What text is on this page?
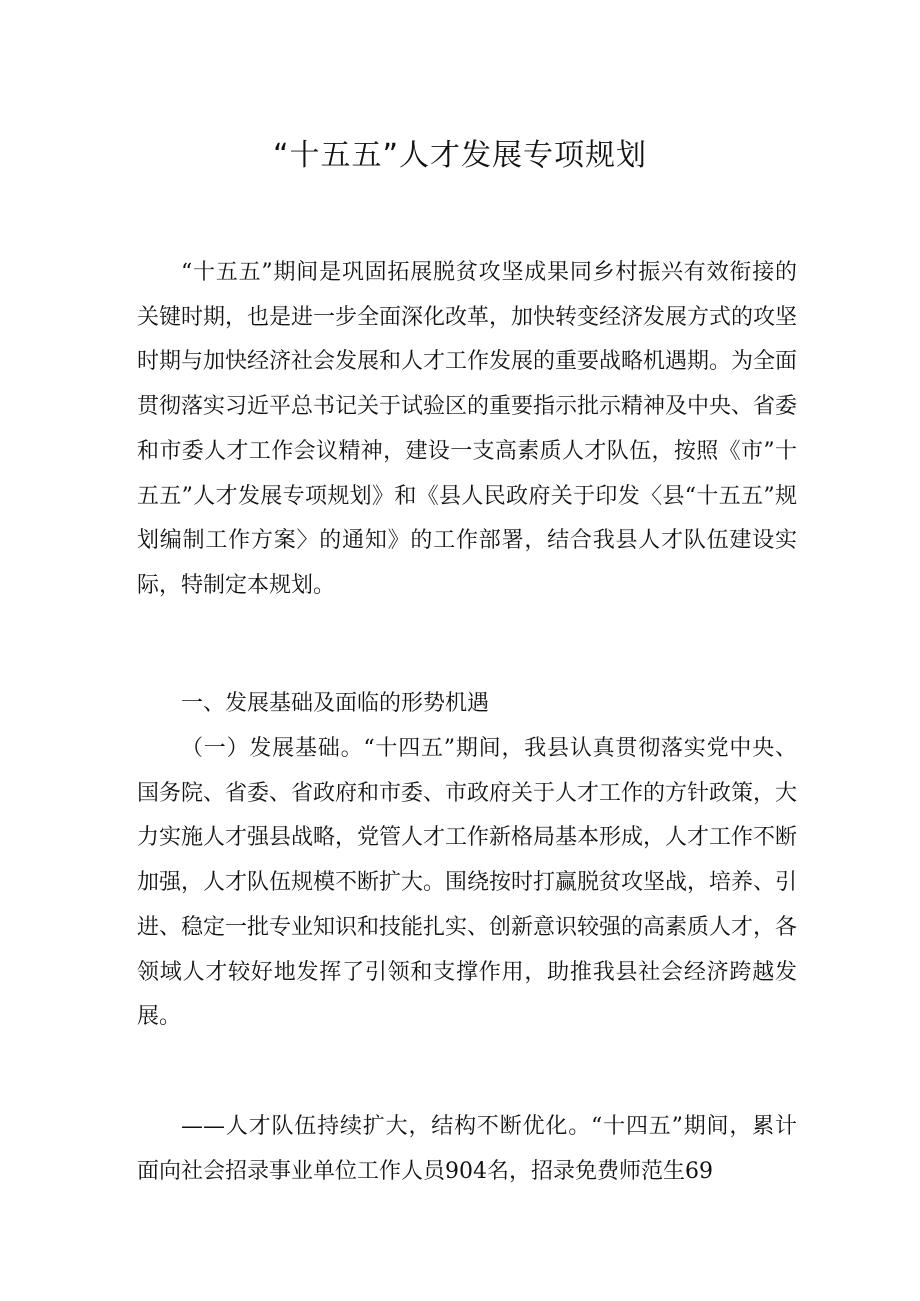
“十五五”人才发展专项规划

“十五五”期间是巩固拓展脱贫攻坚成果同乡村振兴有效衔接的关键时期，也是进一步全面深化改革，加快转变经济发展方式的攻坚时期与加快经济社会发展和人才工作发展的重要战略机遇期。为全面贯彻落实习近平总书记关于试验区的重要指示批示精神及中央、省委和市委人才工作会议精神，建设一支高素质人才队伍，按照《市”十五五”人才发展专项规划》和《县人民政府关于印发〈县“十五五”规划编制工作方案〉的通知》的工作部署，结合我县人才队伍建设实际，特制定本规划。

一、发展基础及面临的形势机遇

（一）发展基础。“十四五”期间，我县认真贯彻落实党中央、国务院、省委、省政府和市委、市政府关于人才工作的方针政策，大力实施人才强县战略，党管人才工作新格局基本形成，人才工作不断加强，人才队伍规模不断扩大。围绕按时打赢脱贫攻坚战，培养、引进、稳定一批专业知识和技能扎实、创新意识较强的高素质人才，各领域人才较好地发挥了引领和支撑作用，助推我县社会经济跨越发展。

——人才队伍持续扩大，结构不断优化。“十四五”期间，累计面向社会招录事业单位工作人员904名，招录免费师范生69
